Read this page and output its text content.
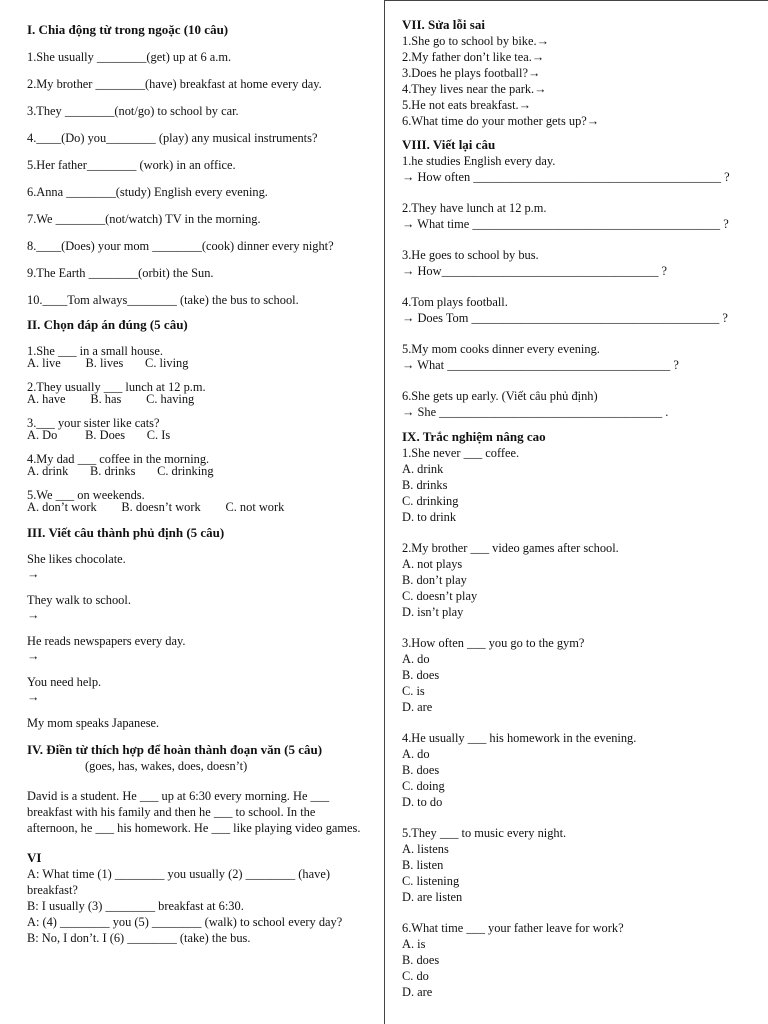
I. Chia động từ trong ngoặc (10 câu)
1.She usually ________(get) up at 6 a.m.
2.My brother ________(have) breakfast at home every day.
3.They ________(not/go) to school by car.
4.____(Do) you________ (play) any musical instruments?
5.Her father________ (work) in an office.
6.Anna ________(study) English every evening.
7.We ________(not/watch) TV in the morning.
8.____(Does) your mom ________(cook) dinner every night?
9.The Earth ________(orbit) the Sun.
10.____Tom always________ (take) the bus to school.
II. Chọn đáp án đúng (5 câu)
1.She ___ in a small house.
A. live        B. lives       C. living
2.They usually ___ lunch at 12 p.m.
A. have        B. has        C. having
3.___ your sister like cats?
A. Do         B. Does       C. Is
4.My dad ___ coffee in the morning.
A. drink       B. drinks       C. drinking
5.We ___ on weekends.
A. don’t work        B. doesn’t work        C. not work
III. Viết câu thành phủ định (5 câu)
She likes chocolate.
→
They walk to school.
→
He reads newspapers every day.
→
You need help.
→
My mom speaks Japanese.
IV. Điền từ thích hợp để hoàn thành đoạn văn (5 câu)
(goes, has, wakes, does, doesn’t)
David is a student. He ___ up at 6:30 every morning. He ___ breakfast with his family and then he ___ to school. In the afternoon, he ___ his homework. He ___ like playing video games.
VI
A: What time (1) ________ you usually (2) ________ (have) breakfast?
B: I usually (3) ________ breakfast at 6:30.
A: (4) ________ you (5) ________ (walk) to school every day?
B: No, I don’t. I (6) ________ (take) the bus.
VII. Sửa lỗi sai
1.She go to school by bike.→
2.My father don’t like tea.→
3.Does he plays football?→
4.They lives near the park.→
5.He not eats breakfast.→
6.What time do your mother gets up?→
VIII. Viết lại câu
1.he studies English every day.
→ How often ________________________________________ ?
2.They have lunch at 12 p.m.
→ What time ________________________________________ ?
3.He goes to school by bus.
→ How___________________________________ ?
4.Tom plays football.
→ Does Tom ________________________________________ ?
5.My mom cooks dinner every evening.
→ What ____________________________________ ?
6.She gets up early. (Viết câu phủ định)
→ She ____________________________________ .
IX. Trắc nghiệm nâng cao
1.She never ___ coffee.
A. drink
B. drinks
C. drinking
D. to drink
2.My brother ___ video games after school.
A. not plays
B. don’t play
C. doesn’t play
D. isn’t play
3.How often ___ you go to the gym?
A. do
B. does
C. is
D. are
4.He usually ___ his homework in the evening.
A. do
B. does
C. doing
D. to do
5.They ___ to music every night.
A. listens
B. listen
C. listening
D. are listen
6.What time ___ your father leave for work?
A. is
B. does
C. do
D. are
